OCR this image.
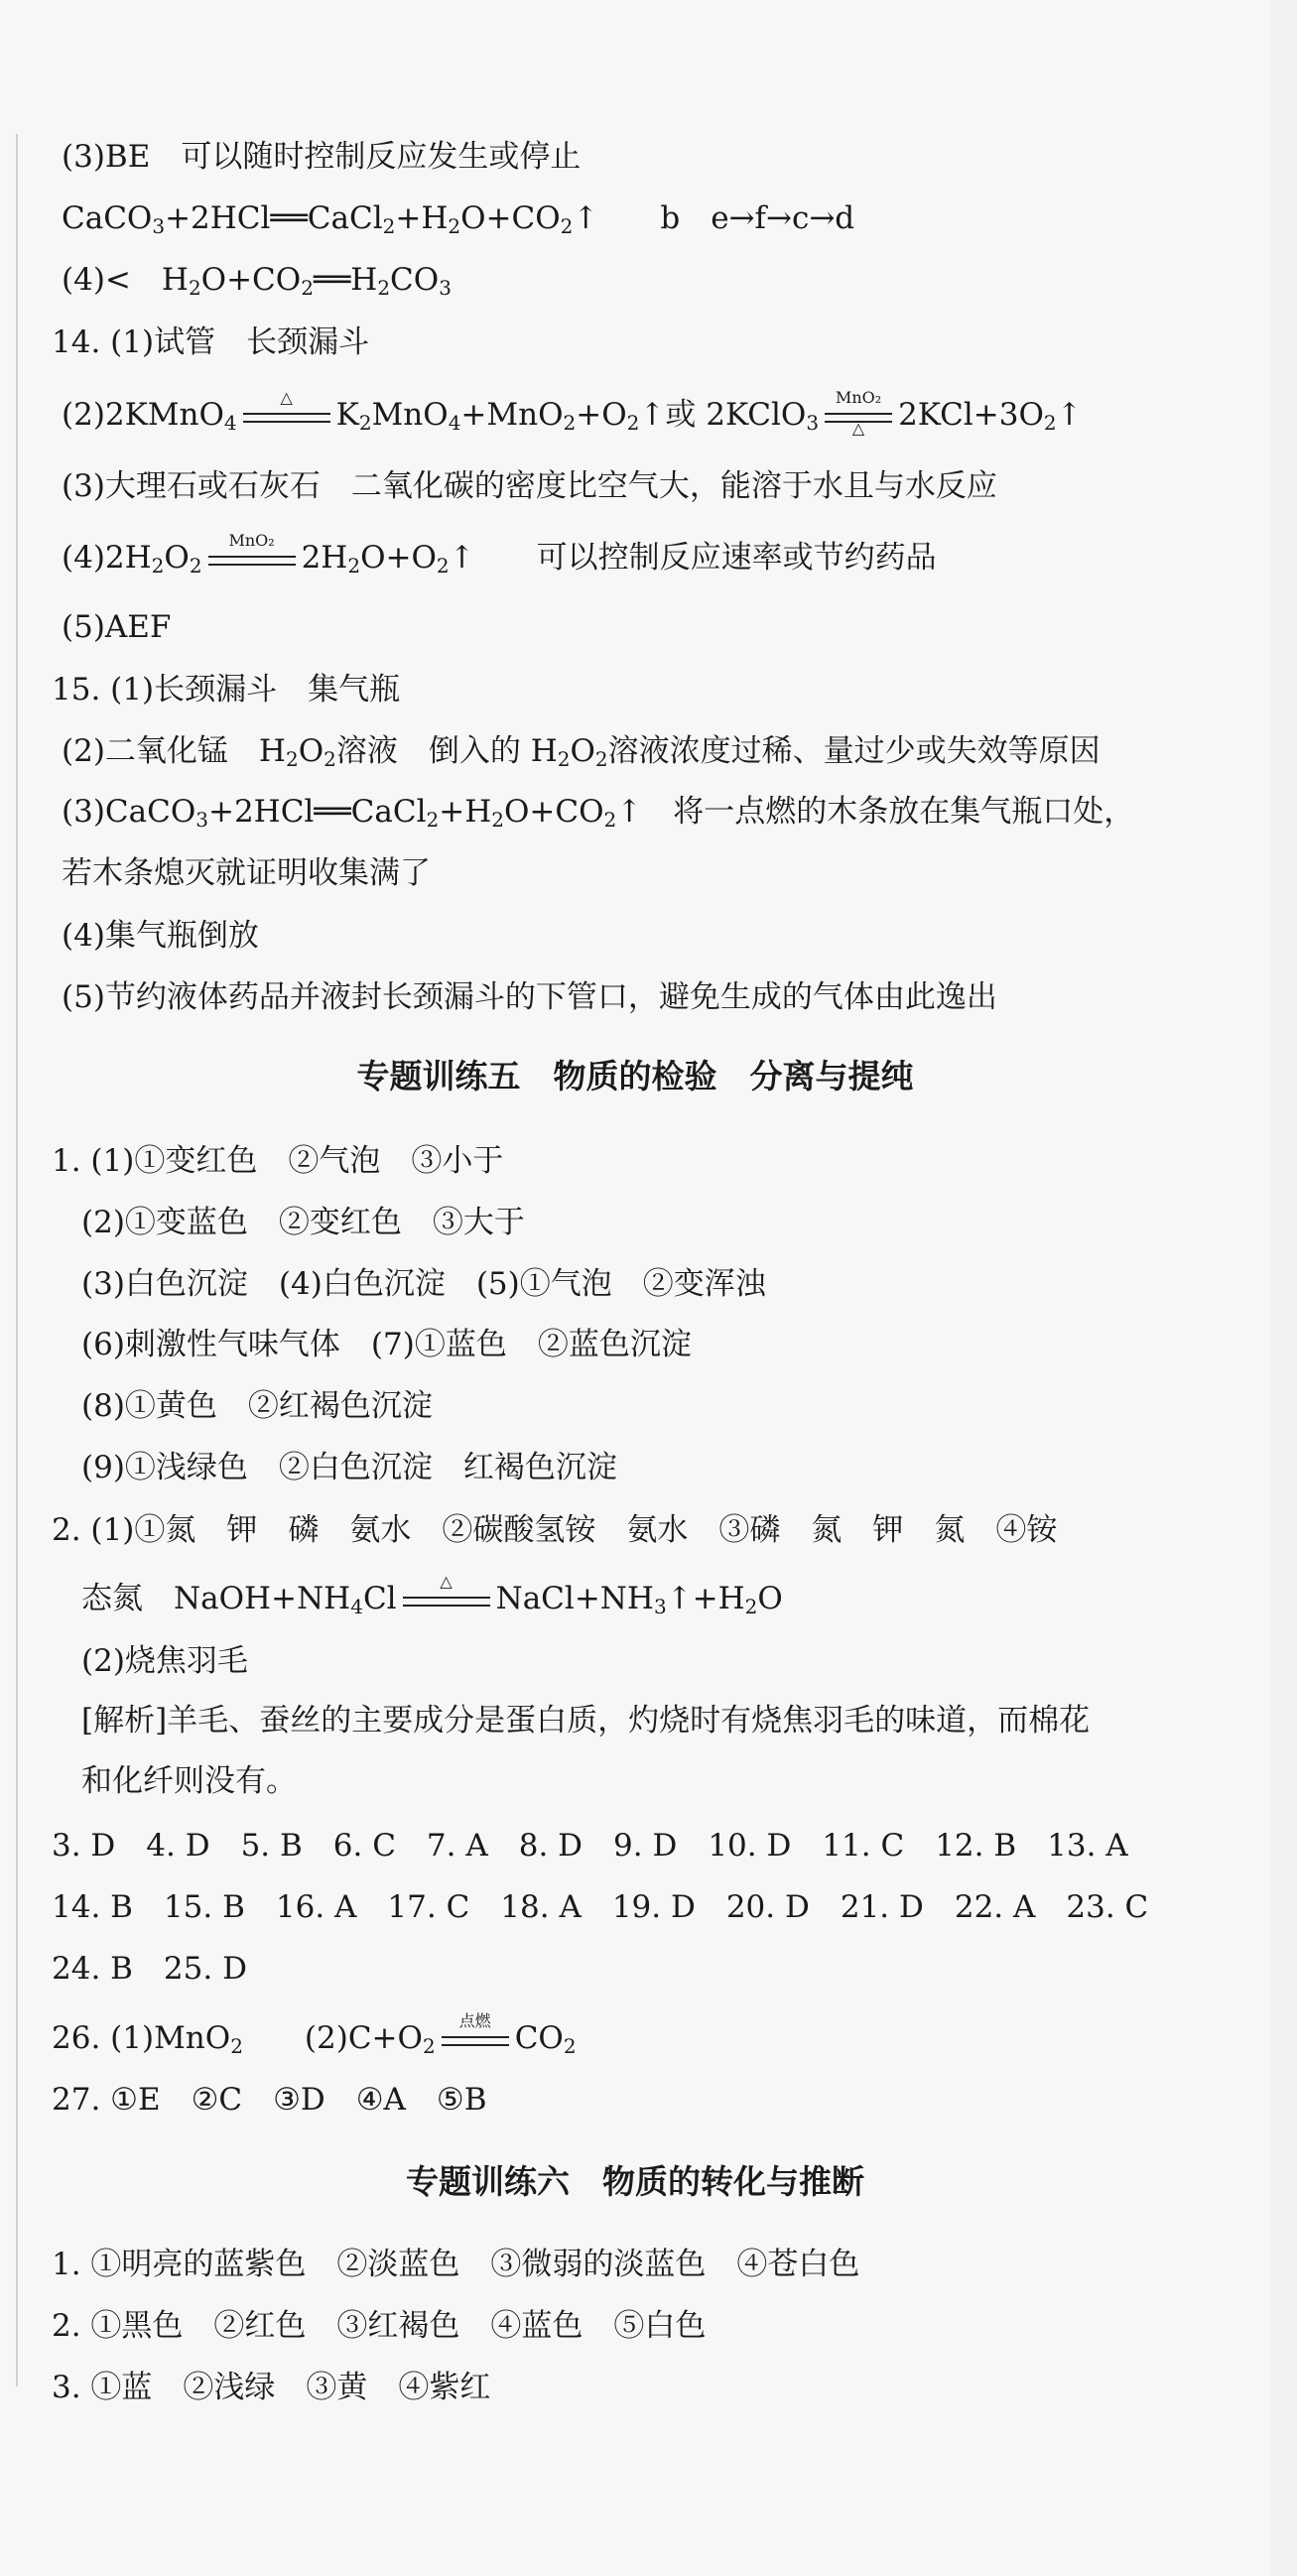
(3)BE　可以随时控制反应发生或停止
$CaCO_3+2HCl══CaCl_2+H_2O+CO_2↑$　　b　e→f→c→d
(4)<　$H_2O+CO_2══H_2CO_3$
14. (1)试管　长颈漏斗
(2)2KMnO$_4$
△	$K_2MnO_4+MnO_2+O_2↑$或 2KClO$_3$
MnO₂
△	$2KCl+3O_2↑$
(3)大理石或石灰石　二氧化碳的密度比空气大，能溶于水且与水反应
$(4)2H_2O_2$
MnO₂ $2H_2O+O_2↑$　　可以控制反应速率或节约药品
(5)AEF
15. (1)长颈漏斗　集气瓶
(2)二氧化锰　$H_2O_2$溶液　倒入的 $H_2O_2$溶液浓度过稀、量过少或失效等原因
$(3)CaCO_3+2HCl══CaCl_2+H_2O+CO_2↑$　将一点燃的木条放在集气瓶口处，
若木条熄灭就证明收集满了
(4)集气瓶倒放
(5)节约液体药品并液封长颈漏斗的下管口，避免生成的气体由此逸出
专题训练五　物质的检验　分离与提纯
1. (1)①变红色　②气泡　③小于
(2)①变蓝色　②变红色　③大于
(3)白色沉淀　(4)白色沉淀　(5)①气泡　②变浑浊
(6)刺激性气味气体　(7)①蓝色　②蓝色沉淀
(8)①黄色　②红褐色沉淀
(9)①浅绿色　②白色沉淀　红褐色沉淀
2. (1)①氮　钾　磷　氨水　②碳酸氢铵　氨水　③磷　氮　钾　氮　④铵
态氮　$NaOH+NH_4Cl$	△	$NaCl+NH_3↑+H_2O$
(2)烧焦羽毛
[解析]羊毛、蚕丝的主要成分是蛋白质，灼烧时有烧焦羽毛的味道，而棉花
和化纤则没有。
3. D　4. D　5. B　6. C　7. A　8. D　9. D　10. D　11. C　12. B　13. A
14. B　15. B　16. A　17. C　18. A　19. D　20. D　21. D　22. A　23. C
24. B　25. D
26. (1)MnO$_2$　　 $(2)C+O_2$
点燃 $CO_2$
27. ①E　②C　③D　④A　⑤B
专题训练六　物质的转化与推断
1. ①明亮的蓝紫色　②淡蓝色　③微弱的淡蓝色　④苍白色
2. ①黑色　②红色　③红褐色　④蓝色　⑤白色
3. ①蓝　②浅绿　③黄　④紫红
